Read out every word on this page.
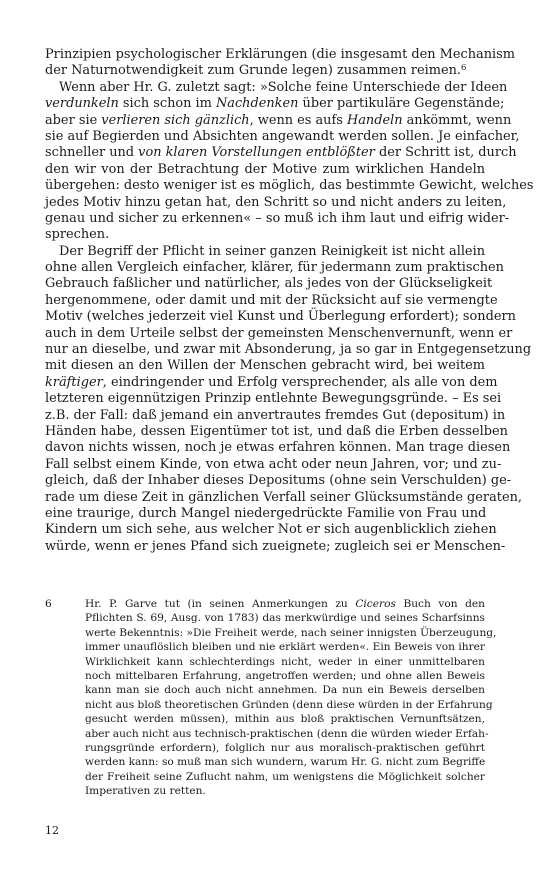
Prinzipien psychologischer Erklärungen (die insgesamt den Mechanism
der Naturnotwendigkeit zum Grunde legen) zusammen reimen.$^6$
Wenn aber Hr. G. zuletzt sagt: »Solche feine Unterschiede der Ideen
verdunkeln sich schon im Nachdenken über partikuläre Gegenstände;
aber sie verlieren sich gänzlich, wenn es aufs Handeln ankömmt, wenn
sie auf Begierden und Absichten angewandt werden sollen. Je einfacher,
schneller und von klaren Vorstellungen entblößter der Schritt ist, durch
den wir von der Betrachtung der Motive zum wirklichen Handeln
übergehen: desto weniger ist es möglich, das bestimmte Gewicht, welches
jedes Motiv hinzu getan hat, den Schritt so und nicht anders zu leiten,
genau und sicher zu erkennen« – so muß ich ihm laut und eifrig wider-
sprechen.
Der Begriff der Pflicht in seiner ganzen Reinigkeit ist nicht allein
ohne allen Vergleich einfacher, klärer, für jedermann zum praktischen
Gebrauch faßlicher und natürlicher, als jedes von der Glückseligkeit
hergenommene, oder damit und mit der Rücksicht auf sie vermengte
Motiv (welches jederzeit viel Kunst und Überlegung erfordert); sondern
auch in dem Urteile selbst der gemeinsten Menschenvernunft, wenn er
nur an dieselbe, und zwar mit Absonderung, ja so gar in Entgegensetzung
mit diesen an den Willen der Menschen gebracht wird, bei weitem
kräftiger, eindringender und Erfolg versprechender, als alle von dem
letzteren eigennützigen Prinzip entlehnte Bewegungsgründe. – Es sei
z.B. der Fall: daß jemand ein anvertrautes fremdes Gut (depositum) in
Händen habe, dessen Eigentümer tot ist, und daß die Erben desselben
davon nichts wissen, noch je etwas erfahren können. Man trage diesen
Fall selbst einem Kinde, von etwa acht oder neun Jahren, vor; und zu-
gleich, daß der Inhaber dieses Depositums (ohne sein Verschulden) ge-
rade um diese Zeit in gänzlichen Verfall seiner Glücksumstände geraten,
eine traurige, durch Mangel niedergedrückte Familie von Frau und
Kindern um sich sehe, aus welcher Not er sich augenblicklich ziehen
würde, wenn er jenes Pfand sich zueignete; zugleich sei er Menschen-
6	Hr. P. Garve tut (in seinen Anmerkungen zu Ciceros Buch von den
Pflichten S. 69, Ausg. von 1783) das merkwürdige und seines Scharfsinns
werte Bekenntnis: »Die Freiheit werde, nach seiner innigsten Überzeugung,
immer unauflöslich bleiben und nie erklärt werden«. Ein Beweis von ihrer
Wirklichkeit kann schlechterdings nicht, weder in einer unmittelbaren
noch mittelbaren Erfahrung, angetroffen werden; und ohne allen Beweis
kann man sie doch auch nicht annehmen. Da nun ein Beweis derselben
nicht aus bloß theoretischen Gründen (denn diese würden in der Erfahrung
gesucht werden müssen), mithin aus bloß praktischen Vernunftsätzen,
aber auch nicht aus technisch-praktischen (denn die würden wieder Erfah-
rungsgründe erfordern), folglich nur aus moralisch-praktischen geführt
werden kann: so muß man sich wundern, warum Hr. G. nicht zum Begriffe
der Freiheit seine Zuflucht nahm, um wenigstens die Möglichkeit solcher
Imperativen zu retten.
12
